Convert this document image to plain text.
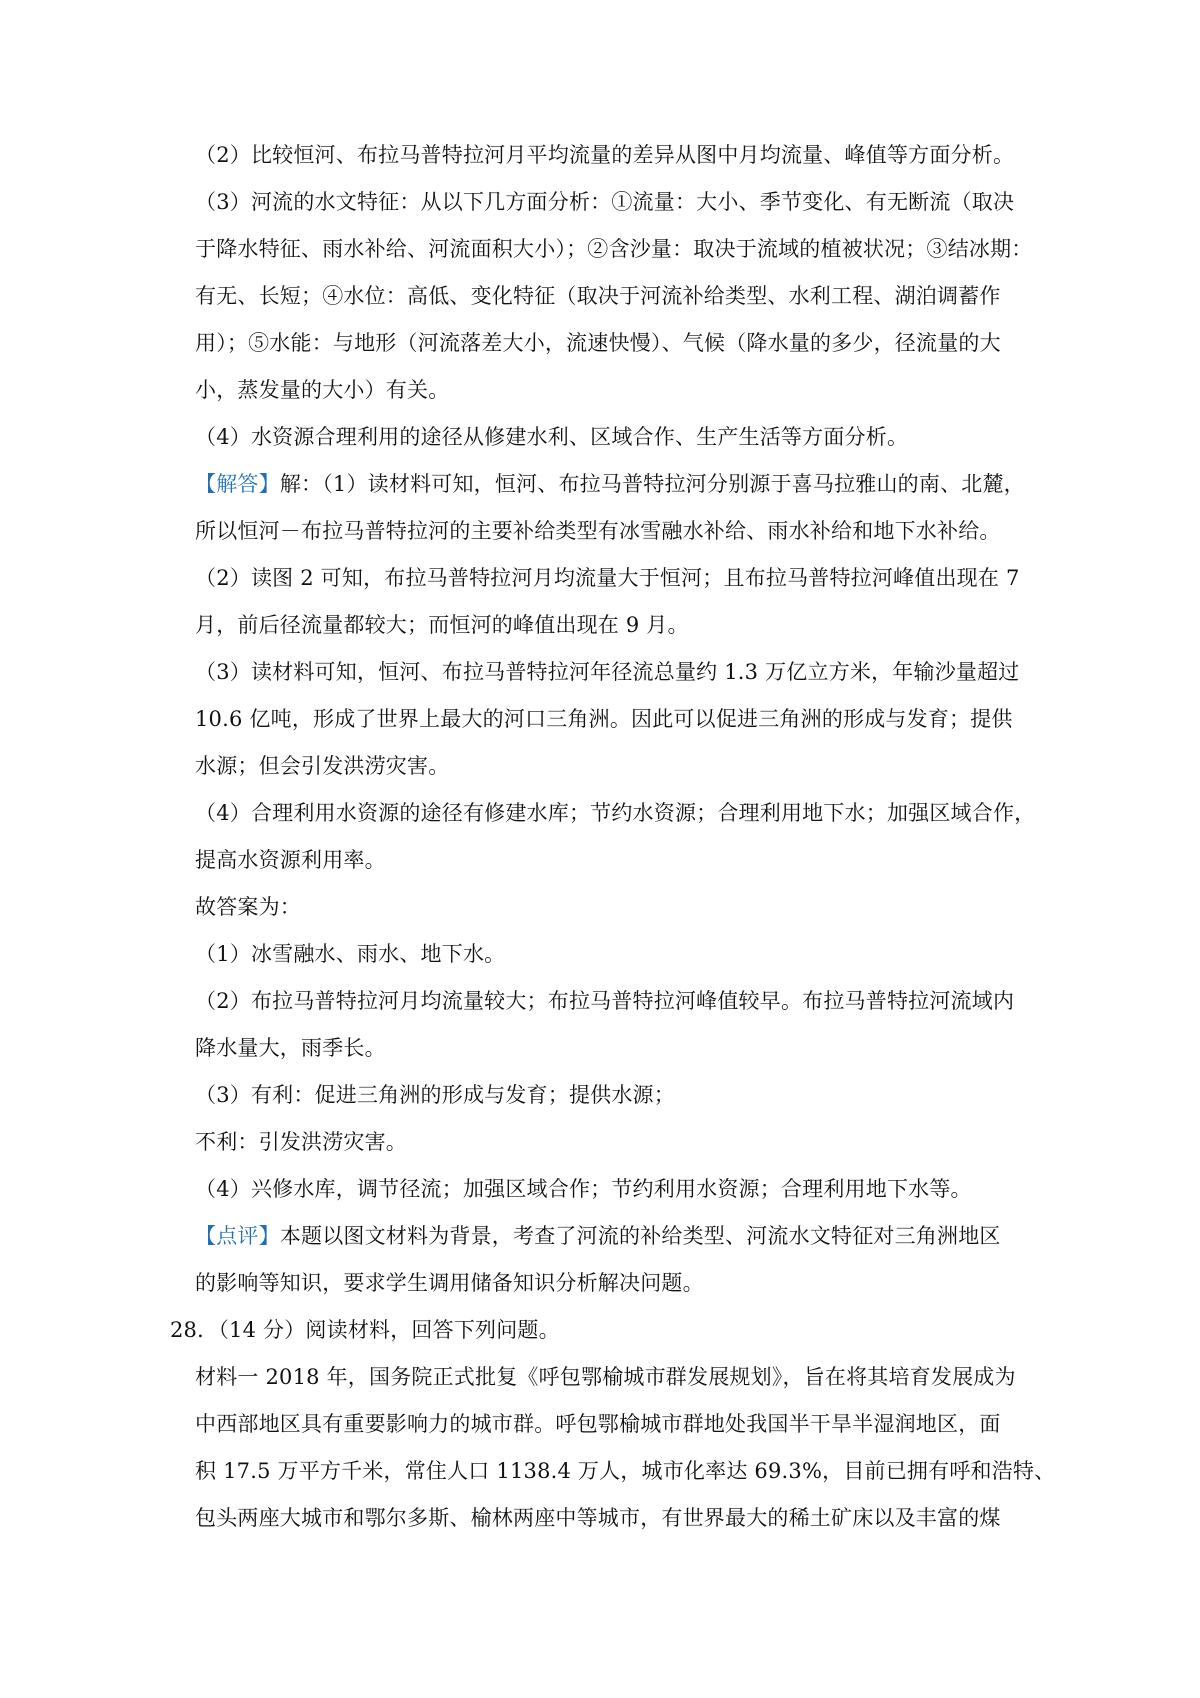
（2）比较恒河、布拉马普特拉河月平均流量的差异从图中月均流量、峰值等方面分析。
（3）河流的水文特征：从以下几方面分析：①流量：大小、季节变化、有无断流（取决
于降水特征、雨水补给、河流面积大小）；②含沙量：取决于流域的植被状况；③结冰期：
有无、长短；④水位：高低、变化特征（取决于河流补给类型、水利工程、湖泊调蓄作
用）；⑤水能：与地形（河流落差大小，流速快慢）、气候（降水量的多少，径流量的大
小，蒸发量的大小）有关。
（4）水资源合理利用的途径从修建水利、区域合作、生产生活等方面分析。
【解答】解：（1）读材料可知，恒河、布拉马普特拉河分别源于喜马拉雅山的南、北麓，
所以恒河－布拉马普特拉河的主要补给类型有冰雪融水补给、雨水补给和地下水补给。
（2）读图 2 可知，布拉马普特拉河月均流量大于恒河；且布拉马普特拉河峰值出现在 7
月，前后径流量都较大；而恒河的峰值出现在 9 月。
（3）读材料可知，恒河、布拉马普特拉河年径流总量约 1.3 万亿立方米，年输沙量超过
10.6 亿吨，形成了世界上最大的河口三角洲。因此可以促进三角洲的形成与发育；提供
水源；但会引发洪涝灾害。
（4）合理利用水资源的途径有修建水库；节约水资源；合理利用地下水；加强区域合作，
提高水资源利用率。
故答案为：
（1）冰雪融水、雨水、地下水。
（2）布拉马普特拉河月均流量较大；布拉马普特拉河峰值较早。布拉马普特拉河流域内
降水量大，雨季长。
（3）有利：促进三角洲的形成与发育；提供水源；
不利：引发洪涝灾害。
（4）兴修水库，调节径流；加强区域合作；节约利用水资源；合理利用地下水等。
【点评】本题以图文材料为背景，考查了河流的补给类型、河流水文特征对三角洲地区
的影响等知识，要求学生调用储备知识分析解决问题。
28．（14 分）阅读材料，回答下列问题。
材料一 2018 年，国务院正式批复《呼包鄂榆城市群发展规划》，旨在将其培育发展成为
中西部地区具有重要影响力的城市群。呼包鄂榆城市群地处我国半干旱半湿润地区，面
积 17.5 万平方千米，常住人口 1138.4 万人，城市化率达 69.3%，目前已拥有呼和浩特、
包头两座大城市和鄂尔多斯、榆林两座中等城市，有世界最大的稀土矿床以及丰富的煤
